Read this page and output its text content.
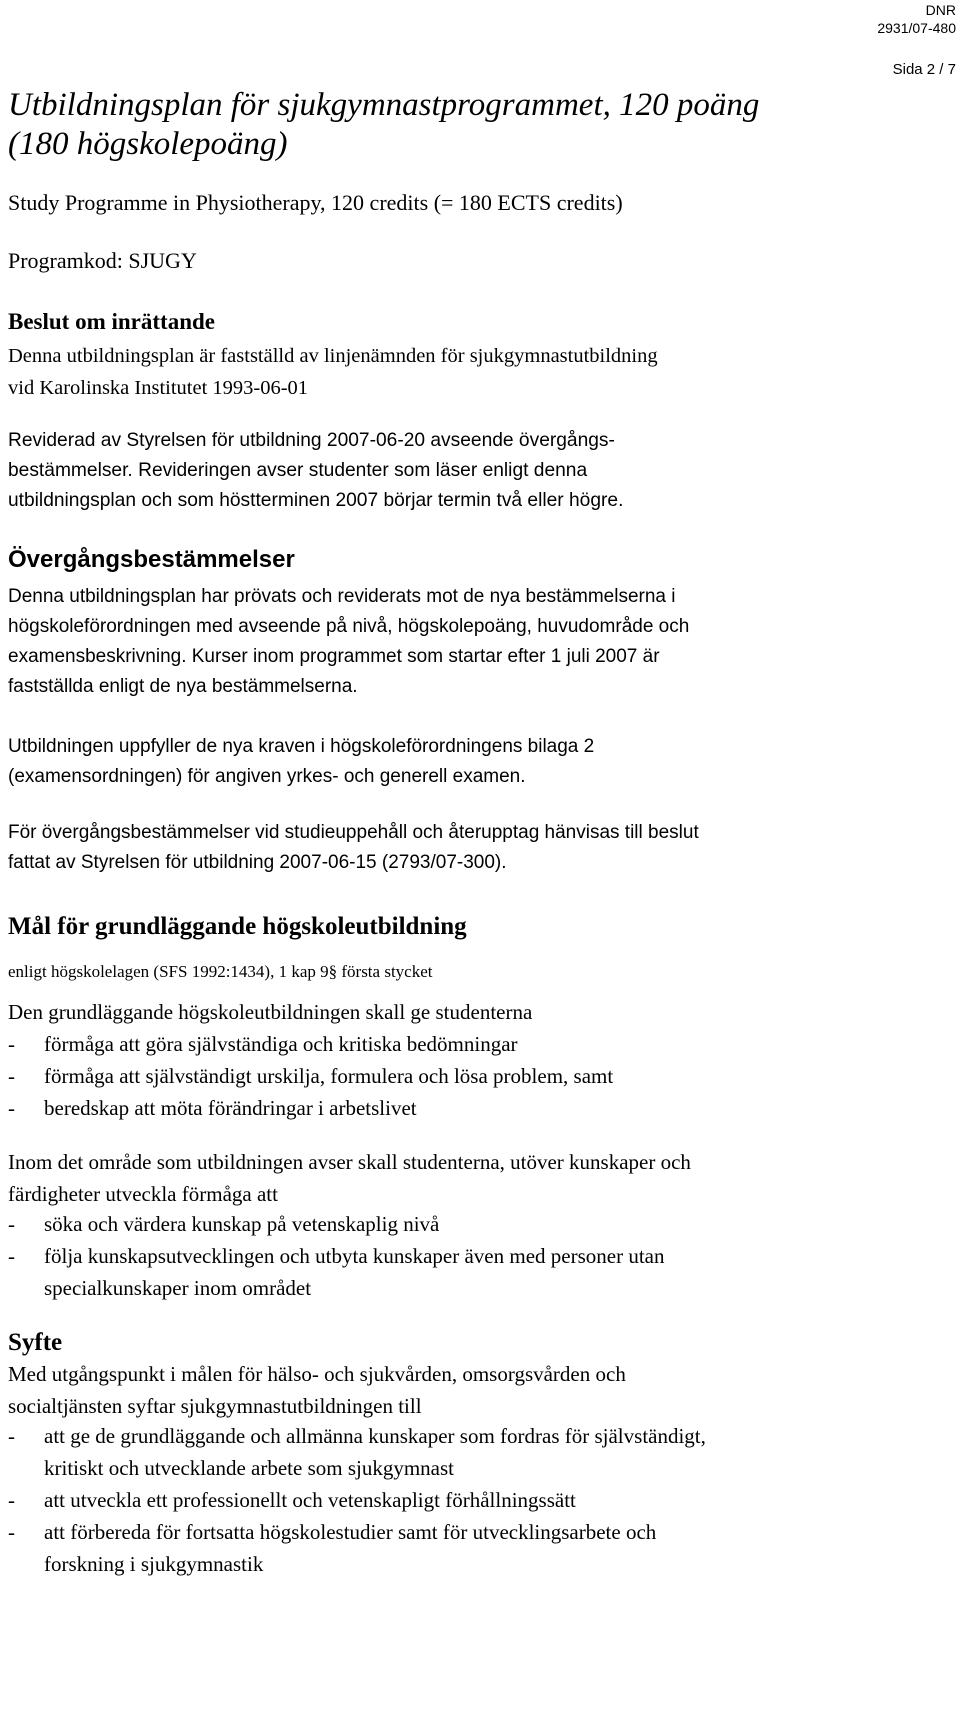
DNR
2931/07-480
Sida 2 / 7
Utbildningsplan för sjukgymnastprogrammet, 120 poäng
(180 högskolepoäng)
Study Programme in Physiotherapy, 120 credits (= 180 ECTS credits)
Programkod: SJUGY
Beslut om inrättande
Denna utbildningsplan är fastställd av linjenämnden för sjukgymnastutbildning
vid Karolinska Institutet 1993-06-01
Reviderad av Styrelsen för utbildning 2007-06-20 avseende övergångs-
bestämmelser. Revideringen avser studenter som läser enligt denna
utbildningsplan och som höstterminen 2007 börjar termin två eller högre.
Övergångsbestämmelser
Denna utbildningsplan har prövats och reviderats mot de nya bestämmelserna i
högskoleförordningen med avseende på nivå, högskolepoäng, huvudområde och
examensbeskrivning. Kurser inom programmet som startar efter 1 juli 2007 är
fastställda enligt de nya bestämmelserna.
Utbildningen uppfyller de nya kraven i högskoleförordningens bilaga 2
(examensordningen) för angiven yrkes- och generell examen.
För övergångsbestämmelser vid studieuppehåll och återupptag hänvisas till beslut
fattat av Styrelsen för utbildning 2007-06-15 (2793/07-300).
Mål för grundläggande högskoleutbildning
enligt högskolelagen (SFS 1992:1434), 1 kap 9§ första stycket
Den grundläggande högskoleutbildningen skall ge studenterna
- förmåga att göra självständiga och kritiska bedömningar
- förmåga att självständigt urskilja, formulera och lösa problem, samt
- beredskap att möta förändringar i arbetslivet
Inom det område som utbildningen avser skall studenterna, utöver kunskaper och
färdigheter utveckla förmåga att
- söka och värdera kunskap på vetenskaplig nivå
- följa kunskapsutvecklingen och utbyta kunskaper även med personer utan
specialkunskaper inom området
Syfte
Med utgångspunkt i målen för hälso- och sjukvården, omsorgsvården och
socialtjänsten syftar sjukgymnastutbildningen till
- att ge de grundläggande och allmänna kunskaper som fordras för självständigt,
kritiskt och utvecklande arbete som sjukgymnast
- att utveckla ett professionellt och vetenskapligt förhållningssätt
- att förbereda för fortsatta högskolestudier samt för utvecklingsarbete och
forskning i sjukgymnastik
